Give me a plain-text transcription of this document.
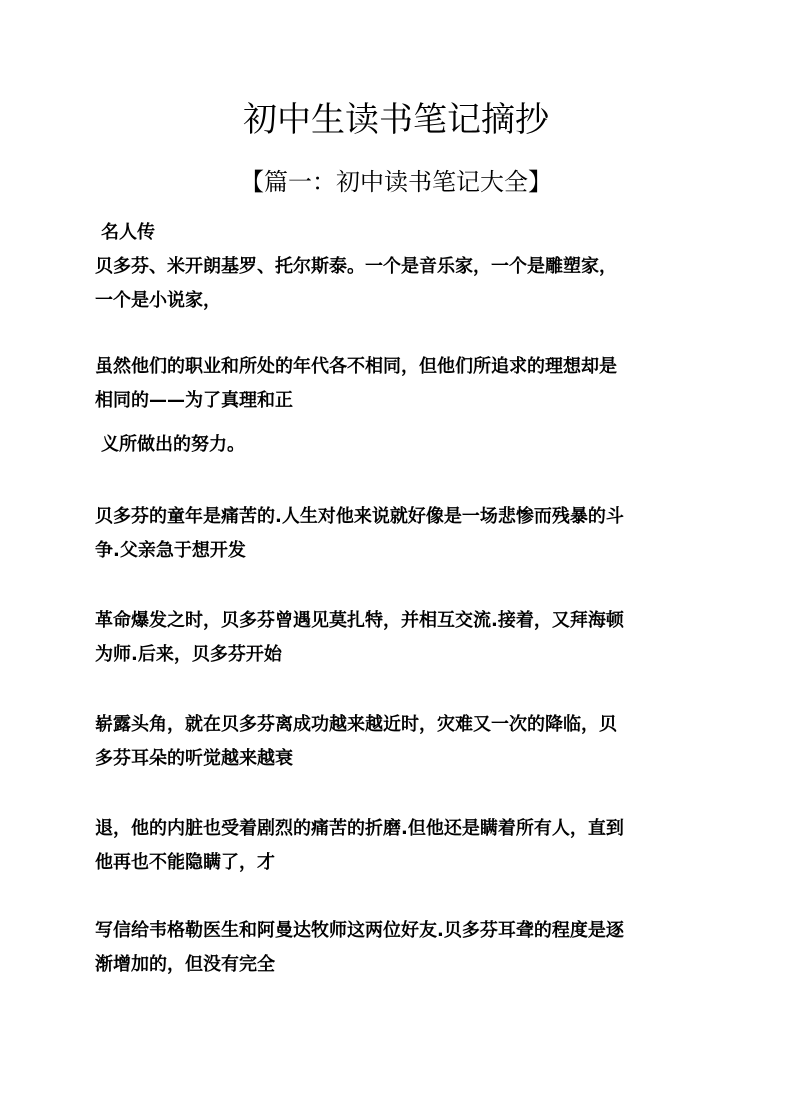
初中生读书笔记摘抄
【篇一：初中读书笔记大全】

名人传

贝多芬、米开朗基罗、托尔斯泰。一个是音乐家，一个是雕塑家，
一个是小说家，

虽然他们的职业和所处的年代各不相同，但他们所追求的理想却是
相同的——为了真理和正

义所做出的努力。

贝多芬的童年是痛苦的.人生对他来说就好像是一场悲惨而残暴的斗
争.父亲急于想开发

革命爆发之时，贝多芬曾遇见莫扎特，并相互交流.接着，又拜海顿
为师.后来，贝多芬开始

崭露头角，就在贝多芬离成功越来越近时，灾难又一次的降临，贝
多芬耳朵的听觉越来越衰

退，他的内脏也受着剧烈的痛苦的折磨.但他还是瞒着所有人，直到
他再也不能隐瞒了，才

写信给韦格勒医生和阿曼达牧师这两位好友.贝多芬耳聋的程度是逐
渐增加的，但没有完全
